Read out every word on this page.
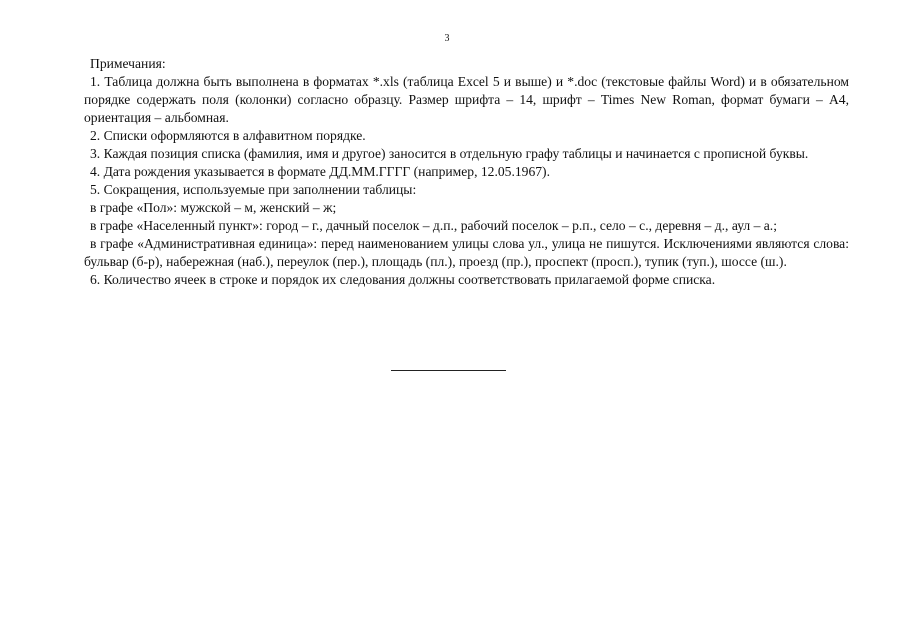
3

Примечания:

1. Таблица должна быть выполнена в форматах *.xls (таблица Excel 5 и выше) и *.doc (текстовые файлы Word) и в обязательном порядке содержать поля (колонки) согласно образцу. Размер шрифта – 14, шрифт – Times New Roman, формат бумаги – А4, ориентация – альбомная.

2. Списки оформляются в алфавитном порядке.

3. Каждая позиция списка (фамилия, имя и другое) заносится в отдельную графу таблицы и начинается с прописной буквы.

4. Дата рождения указывается в формате ДД.ММ.ГГГГ (например, 12.05.1967).

5. Сокращения, используемые при заполнении таблицы:

в графе «Пол»: мужской – м, женский – ж;

в графе «Населенный пункт»: город – г., дачный поселок – д.п., рабочий поселок – р.п., село – с., деревня – д., аул – а.;

в графе «Административная единица»: перед наименованием улицы слова ул., улица не пишутся. Исключениями являются слова: бульвар (б-р), набережная (наб.), переулок (пер.), площадь (пл.), проезд (пр.), проспект (просп.), тупик (туп.), шоссе (ш.).

6. Количество ячеек в строке и порядок их следования должны соответствовать прилагаемой форме списка.
